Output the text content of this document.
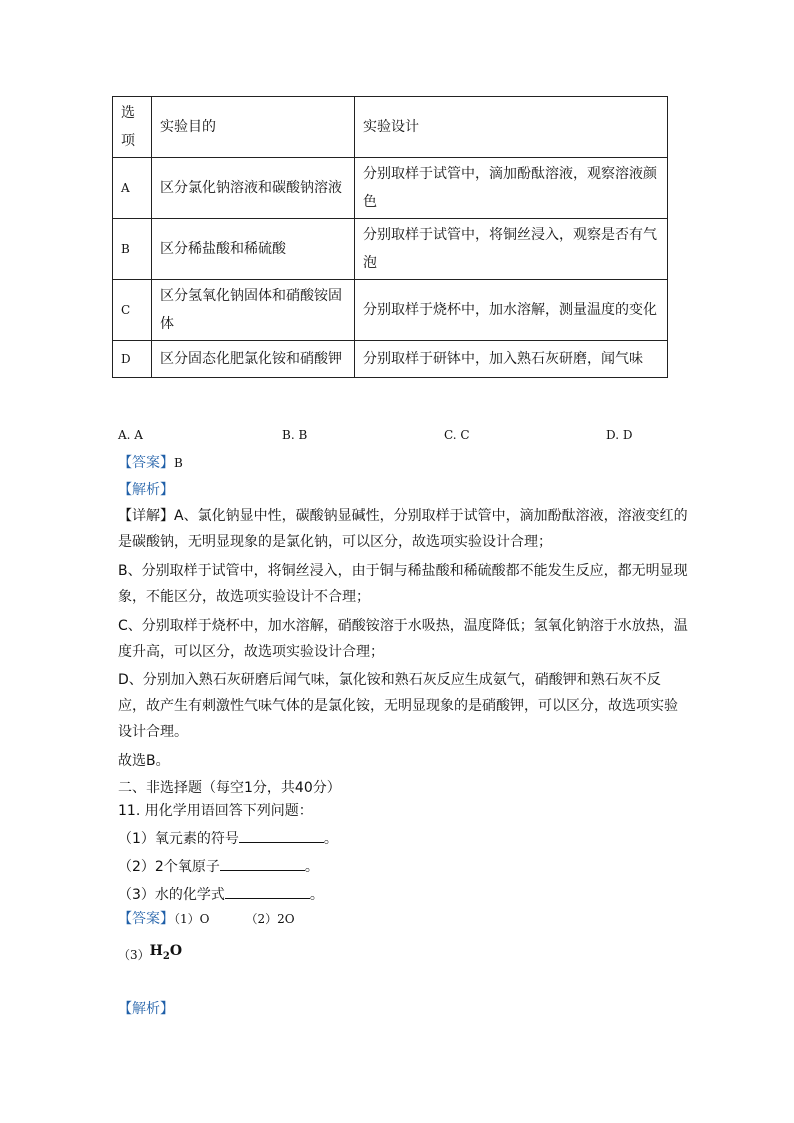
选项	实验目的	实验设计
A	区分氯化钠溶液和碳酸钠溶液	分别取样于试管中，滴加酚酞溶液，观察溶液颜色
B	区分稀盐酸和稀硫酸	分别取样于试管中，将铜丝浸入，观察是否有气泡
C	区分氢氧化钠固体和硝酸铵固体	分别取样于烧杯中，加水溶解，测量温度的变化
D	区分固态化肥氯化铵和硝酸钾	分别取样于研钵中，加入熟石灰研磨，闻气味
A. A	B. B	C. C	D. D
【答案】B
【解析】
【详解】A、氯化钠显中性，碳酸钠显碱性，分别取样于试管中，滴加酚酞溶液，溶液变红的是碳酸钠，无明显现象的是氯化钠，可以区分，故选项实验设计合理；
B、分别取样于试管中，将铜丝浸入，由于铜与稀盐酸和稀硫酸都不能发生反应，都无明显现象，不能区分，故选项实验设计不合理；
C、分别取样于烧杯中，加水溶解，硝酸铵溶于水吸热，温度降低；氢氧化钠溶于水放热，温度升高，可以区分，故选项实验设计合理；
D、分别加入熟石灰研磨后闻气味，氯化铵和熟石灰反应生成氨气，硝酸钾和熟石灰不反应，故产生有刺激性气味气体的是氯化铵，无明显现象的是硝酸钾，可以区分，故选项实验设计合理。
故选B。
二、非选择题（每空1分，共40分）
11. 用化学用语回答下列问题：
（1）氧元素的符号	。
（2）2个氧原子	。
（3）水的化学式	。
【答案】（1）O	（2）2O
$(3)H_2O$
【解析】
